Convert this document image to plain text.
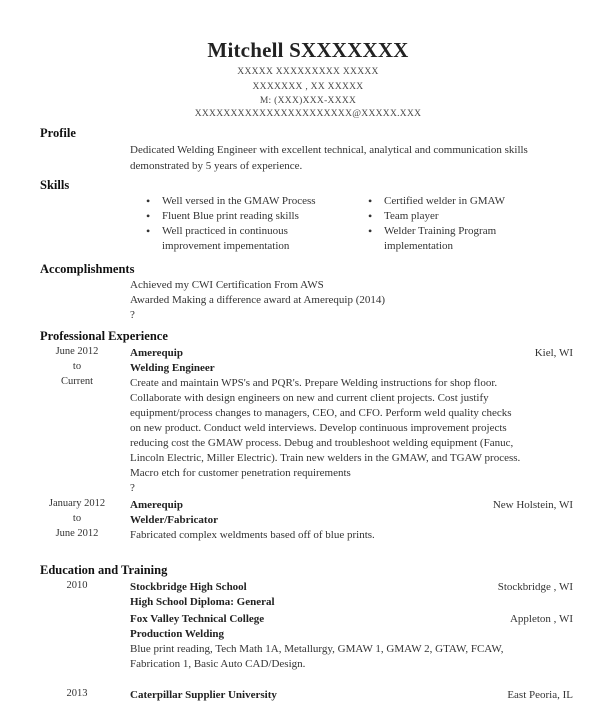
Mitchell SXXXXXXX
XXXXX XXXXXXXXX XXXXX
XXXXXXX , XX XXXXX
M: (XXX)XXX-XXXX
XXXXXXXXXXXXXXXXXXXXXX@XXXXX.XXX
Profile
Dedicated Welding Engineer with excellent technical, analytical and communication skills
demonstrated by 5 years of experience.
Skills
• Well versed in the GMAW Process
• Fluent Blue print reading skills
• Well practiced in continuous
improvement impementation
• Certified welder in GMAW
• Team player
• Welder Training Program
implementation
Accomplishments
Achieved my CWI Certification From AWS
Awarded Making a difference award at Amerequip (2014)
?
Professional Experience
June 2012
to
Current
Amerequip	Kiel, WI
Welding Engineer
Create and maintain WPS's and PQR's. Prepare Welding instructions for shop floor.
Collaborate with design engineers on new and current client projects. Cost justify
equipment/process changes to managers, CEO, and CFO. Perform weld quality checks
on new product. Conduct weld interviews. Develop continuous improvement projects
reducing cost the GMAW process. Debug and troubleshoot welding equipment (Fanuc,
Lincoln Electric, Miller Electric). Train new welders in the GMAW, and TGAW process.
Macro etch for customer penetration requirements
?
January 2012
to
June 2012
Amerequip	New Holstein, WI
Welder/Fabricator
Fabricated complex weldments based off of blue prints.
Education and Training
2010	Stockbridge High School	Stockbridge , WI
High School Diploma: General
Fox Valley Technical College	Appleton , WI
Production Welding
Blue print reading, Tech Math 1A, Metallurgy, GMAW 1, GMAW 2, GTAW, FCAW,
Fabrication 1, Basic Auto CAD/Design.
2013	Caterpillar Supplier University	East Peoria, IL
